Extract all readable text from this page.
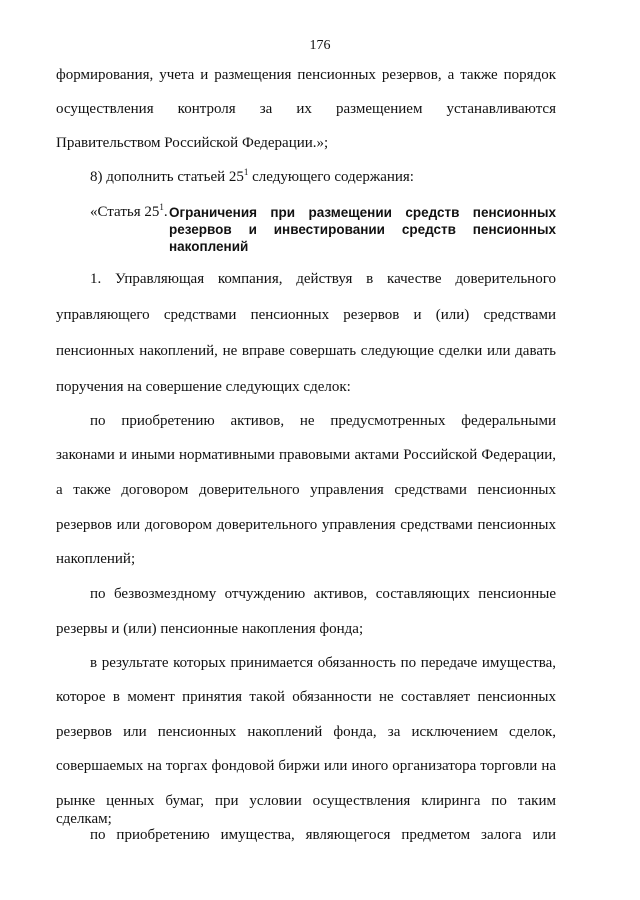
176
формирования, учета и размещения пенсионных резервов, а также порядок
осуществления контроля за их размещением устанавливаются
Правительством Российской Федерации.»;
8) дополнить статьей $25^1$ следующего содержания:
«Статья $25^1$. Ограничения при размещении средств пенсионных
резервов и инвестировании средств пенсионных
накоплений
1. Управляющая компания, действуя в качестве доверительного
управляющего средствами пенсионных резервов и (или) средствами
пенсионных накоплений, не вправе совершать следующие сделки или давать
поручения на совершение следующих сделок:
по приобретению активов, не предусмотренных федеральными
законами и иными нормативными правовыми актами Российской Федерации,
а также договором доверительного управления средствами пенсионных
резервов или договором доверительного управления средствами пенсионных
накоплений;
по безвозмездному отчуждению активов, составляющих пенсионные
резервы и (или) пенсионные накопления фонда;
в результате которых принимается обязанность по передаче имущества,
которое в момент принятия такой обязанности не составляет пенсионных
резервов или пенсионных накоплений фонда, за исключением сделок,
совершаемых на торгах фондовой биржи или иного организатора торговли на
рынке ценных бумаг, при условии осуществления клиринга по таким сделкам;
по приобретению имущества, являющегося предметом залога или
